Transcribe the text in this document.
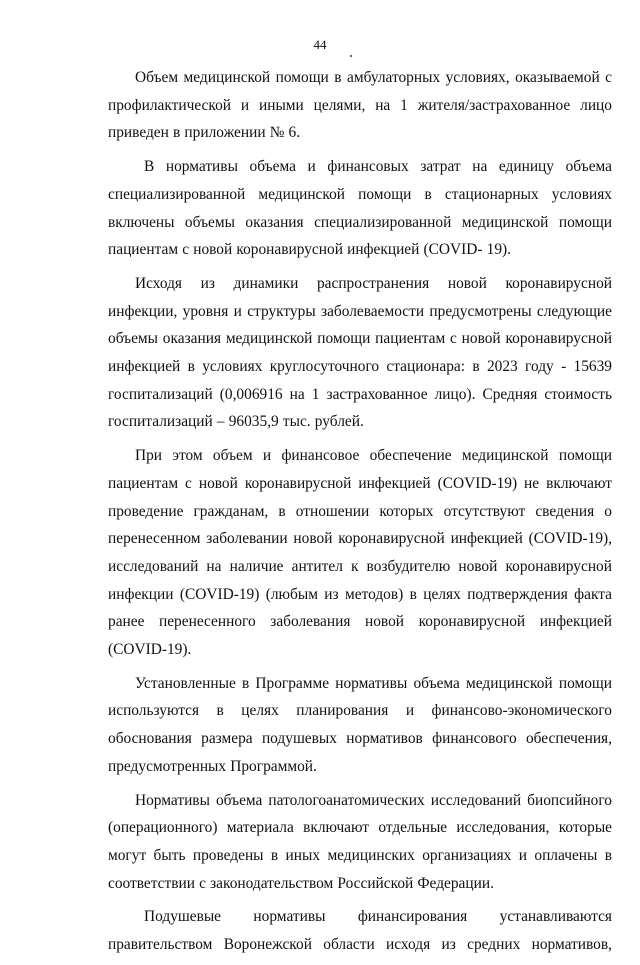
44

Объем медицинской помощи в амбулаторных условиях, оказываемой с профилактической и иными целями, на 1 жителя/застрахованное лицо приведен в приложении № 6.

В нормативы объема и финансовых затрат на единицу объема специализированной медицинской помощи в стационарных условиях включены объемы оказания специализированной медицинской помощи пациентам с новой коронавирусной инфекцией (COVID- 19).

Исходя из динамики распространения новой коронавирусной инфекции, уровня и структуры заболеваемости предусмотрены следующие объемы оказания медицинской помощи пациентам с новой коронавирусной инфекцией в условиях круглосуточного стационара: в 2023 году - 15639 госпитализаций (0,006916 на 1 застрахованное лицо). Средняя стоимость госпитализаций – 96035,9 тыс. рублей.

При этом объем и финансовое обеспечение медицинской помощи пациентам с новой коронавирусной инфекцией (COVID-19) не включают проведение гражданам, в отношении которых отсутствуют сведения о перенесенном заболевании новой коронавирусной инфекцией (COVID-19), исследований на наличие антител к возбудителю новой коронавирусной инфекции (COVID-19) (любым из методов) в целях подтверждения факта ранее перенесенного заболевания новой коронавирусной инфекцией (COVID-19).

Установленные в Программе нормативы объема медицинской помощи используются в целях планирования и финансово-экономического обоснования размера подушевых нормативов финансового обеспечения, предусмотренных Программой.

Нормативы объема патологоанатомических исследований биопсийного (операционного) материала включают отдельные исследования, которые могут быть проведены в иных медицинских организациях и оплачены в соответствии с законодательством Российской Федерации.

Подушевые нормативы финансирования устанавливаются правительством Воронежской области исходя из средних нормативов,
